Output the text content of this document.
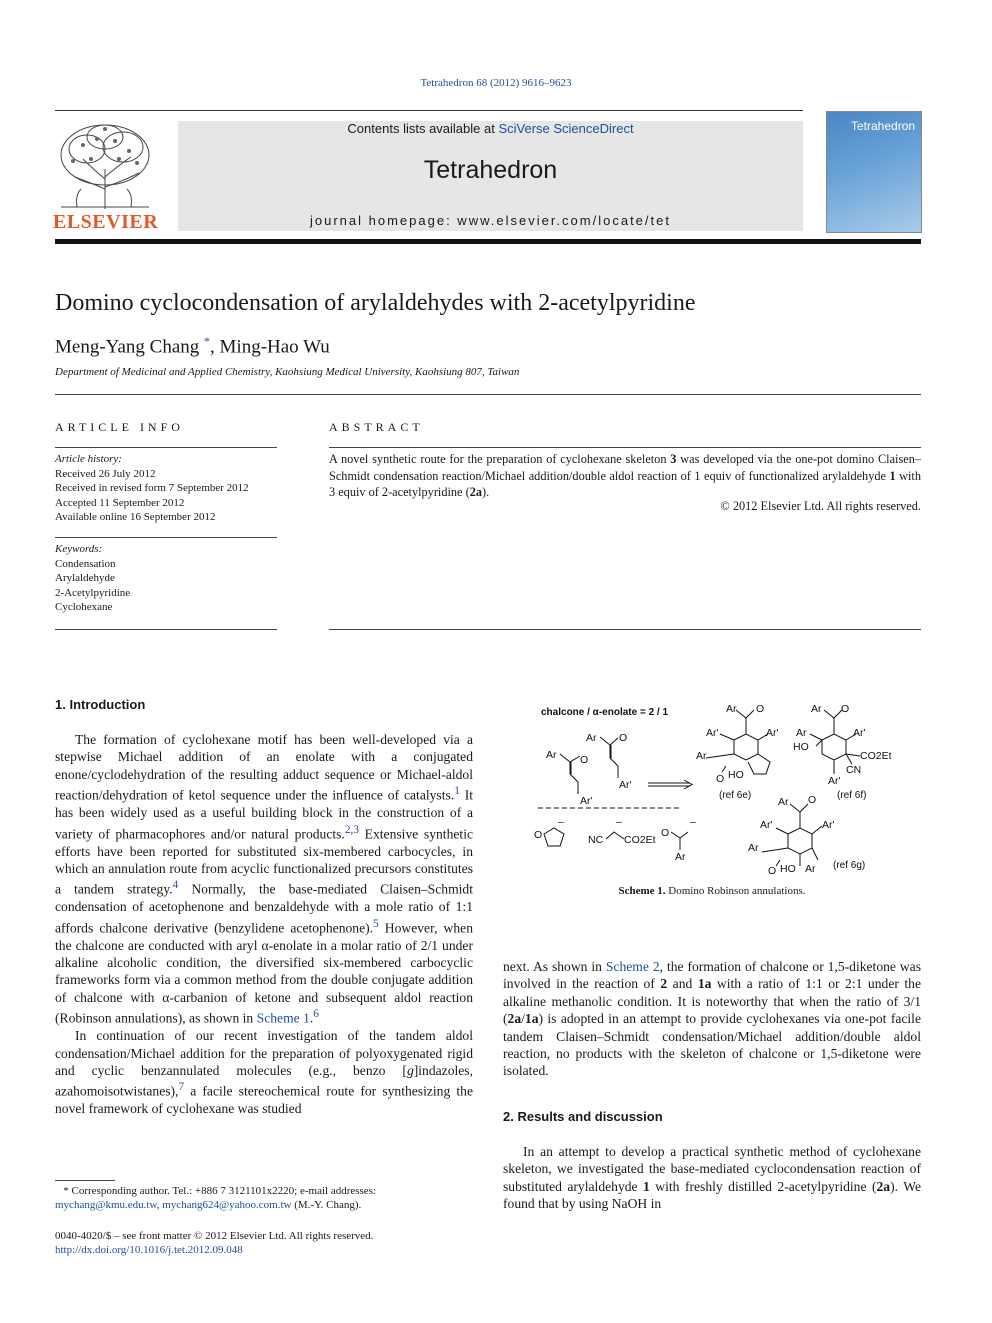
Tetrahedron 68 (2012) 9616–9623
ELSEVIER
Contents lists available at SciVerse ScienceDirect
Tetrahedron
journal homepage: www.elsevier.com/locate/tet
Tetrahedron
Domino cyclocondensation of arylaldehydes with 2-acetylpyridine
Meng-Yang Chang *, Ming-Hao Wu
Department of Medicinal and Applied Chemistry, Kaohsiung Medical University, Kaohsiung 807, Taiwan
ARTICLE INFO
Article history:
Received 26 July 2012
Received in revised form 7 September 2012
Accepted 11 September 2012
Available online 16 September 2012
Keywords:
Condensation
Arylaldehyde
2-Acetylpyridine
Cyclohexane
ABSTRACT
A novel synthetic route for the preparation of cyclohexane skeleton 3 was developed via the one-pot domino Claisen–Schmidt condensation reaction/Michael addition/double aldol reaction of 1 equiv of functionalized arylaldehyde 1 with 3 equiv of 2-acetylpyridine (2a).
© 2012 Elsevier Ltd. All rights reserved.
1. Introduction

The formation of cyclohexane motif has been well-developed via a stepwise Michael addition of an enolate with a conjugated enone/cyclodehydration of the resulting adduct sequence or Michael-aldol reaction/dehydration of ketol sequence under the influence of catalysts.$^1$ It has been widely used as a useful building block in the construction of a variety of pharmacophores and/or natural products.$^{2,3}$ Extensive synthetic efforts have been reported for substituted six-membered carbocycles, in which an annulation route from acyclic functionalized precursors constitutes a tandem strategy.$^4$ Normally, the base-mediated Claisen–Schmidt condensation of acetophenone and benzaldehyde with a mole ratio of 1:1 affords chalcone derivative (benzylidene acetophenone).$^5$ However, when the chalcone are conducted with aryl α-enolate in a molar ratio of 2/1 under alkaline alcoholic condition, the diversified six-membered carbocyclic frameworks form via a common method from the double conjugate addition of chalcone with α-carbanion of ketone and subsequent aldol reaction (Robinson annulations), as shown in Scheme 1.$^6$

In continuation of our recent investigation of the tandem aldol condensation/Michael addition for the preparation of polyoxygenated rigid and cyclic benzannulated molecules (e.g., benzo [g]indazoles, azahomoisotwistanes),$^7$ a facile stereochemical route for synthesizing the novel framework of cyclohexane was studied

chalcone / α-enolate = 2 / 1
Ar O
Ar'
Ar O
Ar'
Ar O
Ar'	Ar'
Ar
O HO
(ref 6e)
Ar O
Ar	Ar'
HO
CO2Et
CN
Ar'
(ref 6f)
O
–
NC
–
CO2Et
O
–
Ar
Ar O
Ar'	Ar'
Ar
O HO Ar (ref 6g)
Scheme 1. Domino Robinson annulations.

next. As shown in Scheme 2, the formation of chalcone or 1,5-diketone was involved in the reaction of 2 and 1a with a ratio of 1:1 or 2:1 under the alkaline methanolic condition. It is noteworthy that when the ratio of 3/1 (2a/1a) is adopted in an attempt to provide cyclohexanes via one-pot facile tandem Claisen–Schmidt condensation/Michael addition/double aldol reaction, no products with the skeleton of chalcone or 1,5-diketone were isolated.

2. Results and discussion

In an attempt to develop a practical synthetic method of cyclohexane skeleton, we investigated the base-mediated cyclocondensation reaction of substituted arylaldehyde 1 with freshly distilled 2-acetylpyridine (2a). We found that by using NaOH in

* Corresponding author. Tel.: +886 7 3121101x2220; e-mail addresses: mychang@kmu.edu.tw, mychang624@yahoo.com.tw (M.-Y. Chang).
0040-4020/$ – see front matter © 2012 Elsevier Ltd. All rights reserved.
http://dx.doi.org/10.1016/j.tet.2012.09.048
